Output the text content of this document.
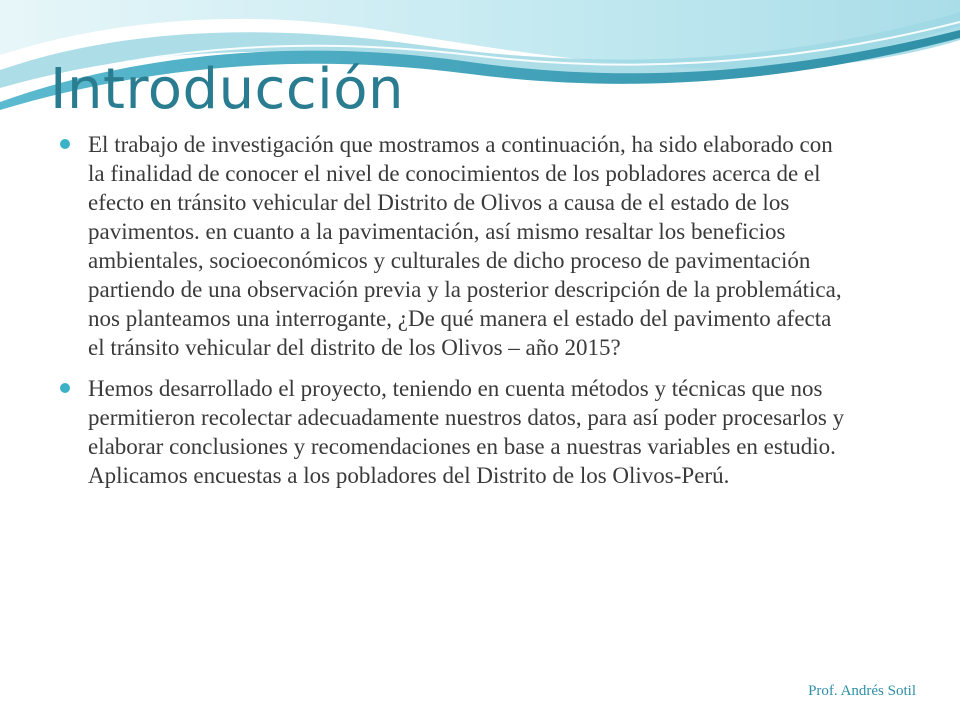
Introducción
El trabajo de investigación que mostramos a continuación, ha sido elaborado con la finalidad de conocer el nivel de conocimientos de los pobladores acerca de el efecto en tránsito vehicular del Distrito de Olivos a causa de el estado de los pavimentos. en cuanto a la pavimentación, así mismo resaltar los beneficios ambientales, socioeconómicos y culturales de dicho proceso de pavimentación partiendo de una observación previa y la posterior descripción de la problemática, nos planteamos una interrogante, ¿De qué manera el estado del pavimento afecta el tránsito vehicular del distrito de los Olivos – año 2015?
Hemos desarrollado el proyecto, teniendo en cuenta métodos y técnicas que nos permitieron recolectar adecuadamente nuestros datos, para así poder procesarlos y elaborar conclusiones y recomendaciones en base a nuestras variables en estudio. Aplicamos encuestas a los pobladores del Distrito de los Olivos-Perú.
Prof. Andrés Sotil
